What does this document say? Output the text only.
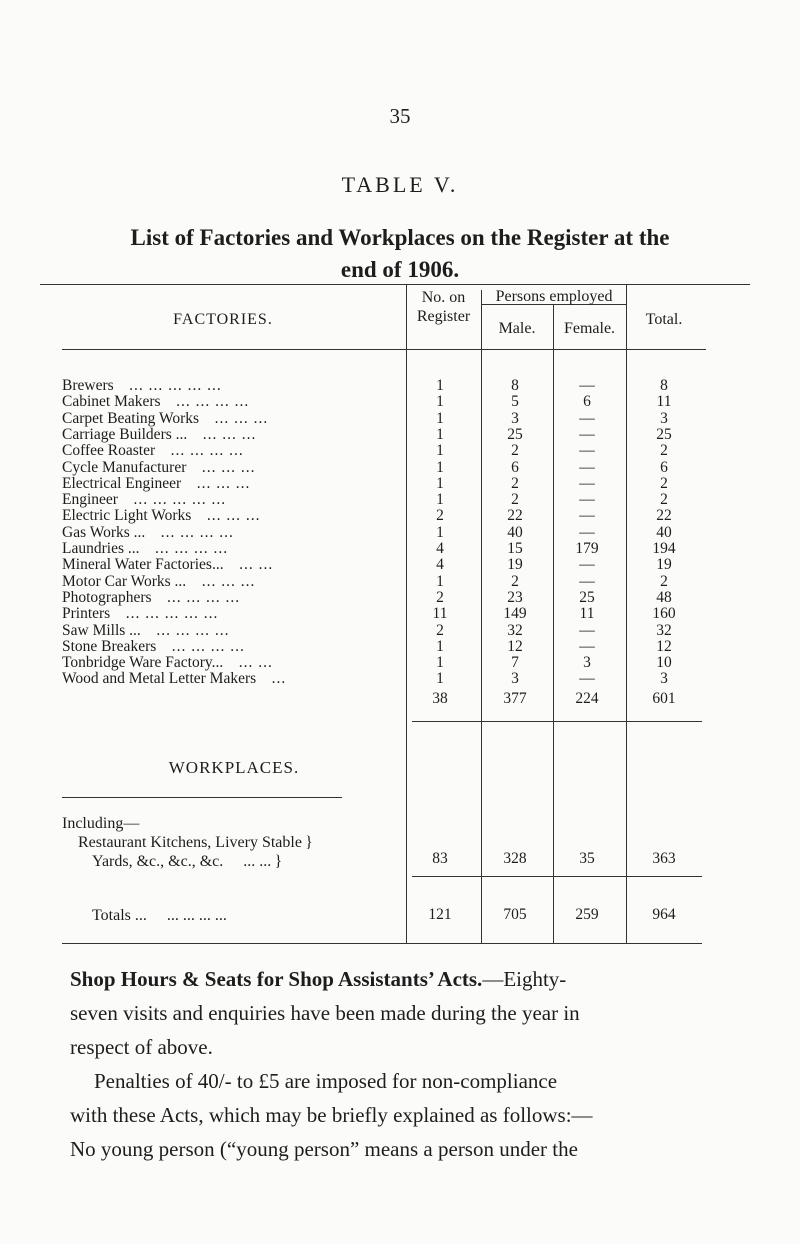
35
TABLE V.
List of Factories and Workplaces on the Register at the
end of 1906.
FACTORIES.
No. on
Register
Persons employed
Male.	Female.
Total.
Brewers ... ... ... ... ...	1	8	—	8
Cabinet Makers ... ... ... ...	1	5	6	11
Carpet Beating Works ... ... ...	1	3	—	3
Carriage Builders ... ... ... ...	1	25	—	25
Coffee Roaster ... ... ... ...	1	2	—	2
Cycle Manufacturer ... ... ...	1	6	—	6
Electrical Engineer ... ... ...	1	2	—	2
Engineer ... ... ... ... ...	1	2	—	2
Electric Light Works ... ... ...	2	22	—	22
Gas Works ... ... ... ... ...	1	40	—	40
Laundries ... ... ... ... ...	4	15	179	194
Mineral Water Factories... ... ...	4	19	—	19
Motor Car Works ... ... ... ...	1	2	—	2
Photographers ... ... ... ...	2	23	25	48
Printers ... ... ... ... ...	11	149	11	160
Saw Mills ... ... ... ... ...	2	32	—	32
Stone Breakers ... ... ... ...	1	12	—	12
Tonbridge Ware Factory... ... ...	1	7	3	10
Wood and Metal Letter Makers ...	1	3	—	3
38	377	224	601
WORKPLACES.
Including—
Restaurant Kitchens, Livery Stable }
Yards, &c., &c., &c. ... ... }	83	328	35	363
Totals ... ... ... ... ...	121	705	259	964
Shop Hours & Seats for Shop Assistants’ Acts.—Eighty-
seven visits and enquiries have been made during the year in
respect of above.
Penalties of 40/- to £5 are imposed for non-compliance
with these Acts, which may be briefly explained as follows:—
No young person (“young person” means a person under the
